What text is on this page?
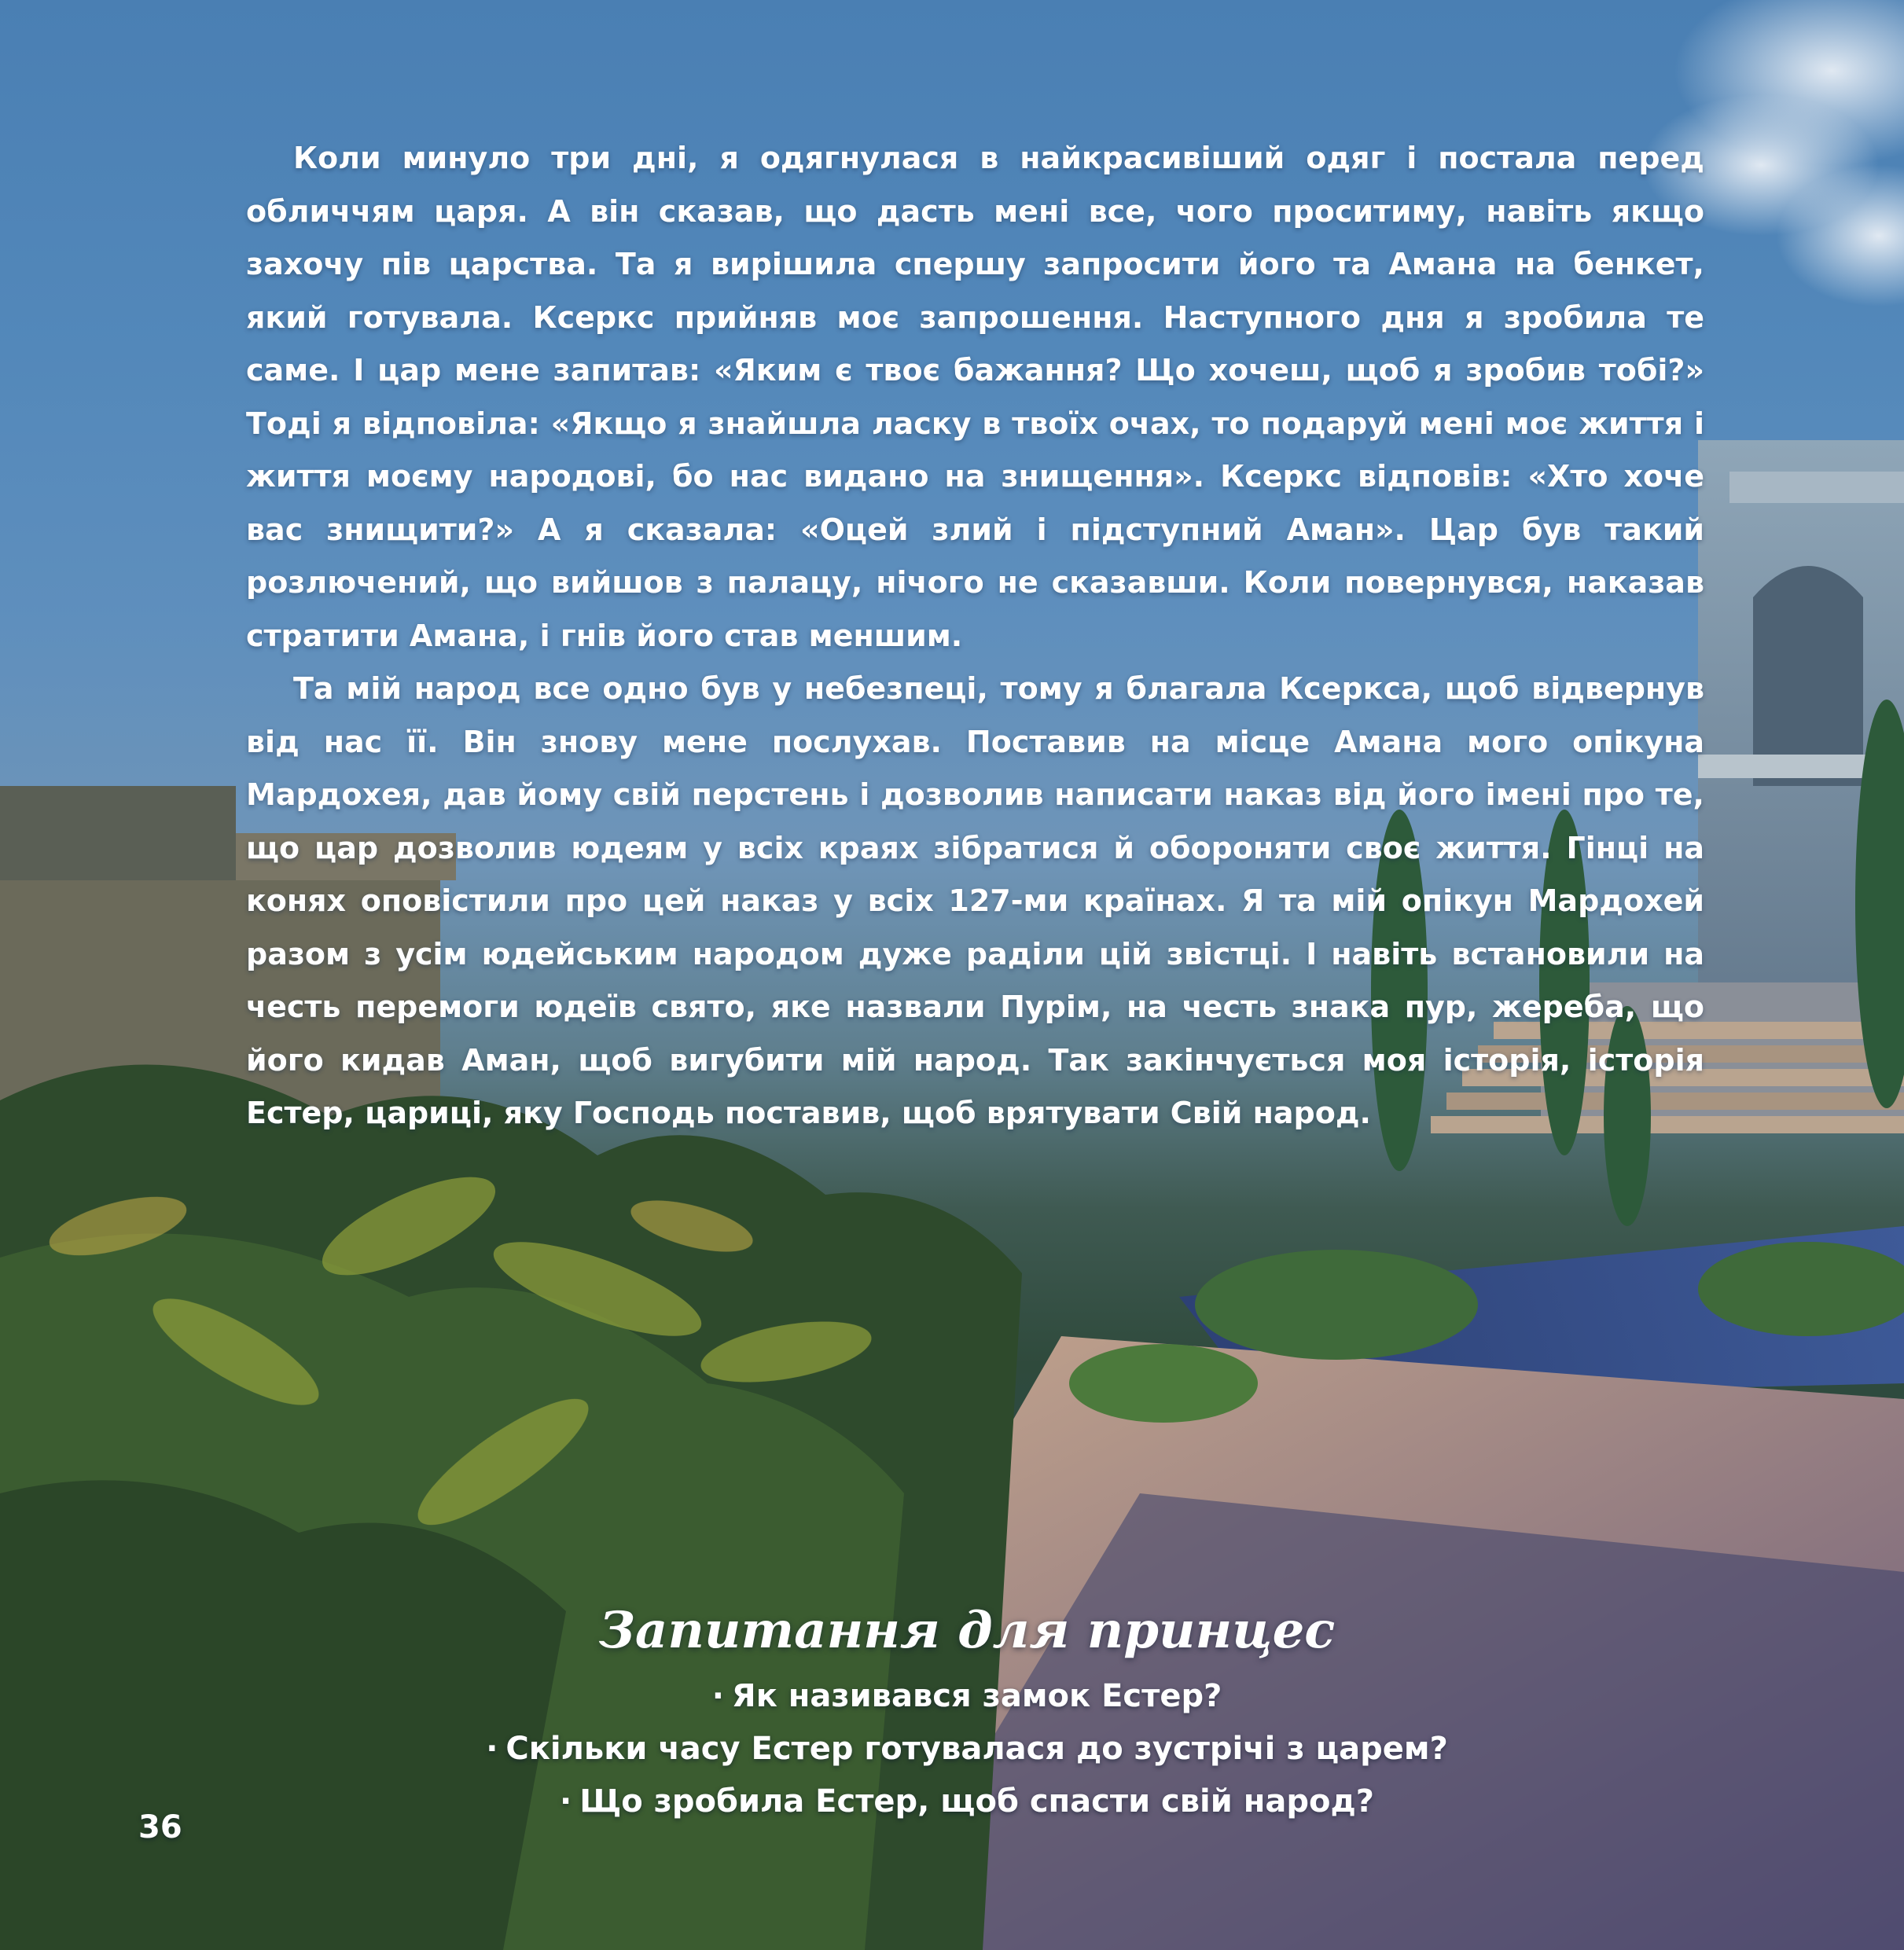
Коли минуло три дні, я одягнулася в найкрасивіший одяг і постала перед обличчям царя. А він сказав, що дасть мені все, чого проситиму, навіть якщо захочу пів царства. Та я вирішила спершу запросити його та Амана на бенкет, який готувала. Ксеркс прийняв моє запрошення. Наступного дня я зробила те саме. І цар мене запитав: «Яким є твоє бажання? Що хочеш, щоб я зробив тобі?» Тоді я відповіла: «Якщо я знайшла ласку в твоїх очах, то подаруй мені моє життя і життя моєму народові, бо нас видано на знищення». Ксеркс відповів: «Хто хоче вас знищити?» А я сказала: «Оцей злий і підступний Аман». Цар був такий розлючений, що вийшов з палацу, нічого не сказавши. Коли повернувся, наказав стратити Амана, і гнів його став меншим.

Та мій народ все одно був у небезпеці, тому я благала Ксеркса, щоб відвернув від нас її. Він знову мене послухав. Поставив на місце Амана мого опікуна Мардохея, дав йому свій перстень і дозволив написати наказ від його імені про те, що цар дозволив юдеям у всіх краях зібратися й обороняти своє життя. Гінці на конях оповістили про цей наказ у всіх 127-ми країнах. Я та мій опікун Мардохей разом з усім юдейським народом дуже раділи цій звістці. І навіть встановили на честь перемоги юдеїв свято, яке назвали Пурім, на честь знака пур, жереба, що його кидав Аман, щоб вигубити мій народ. Так закінчується моя історія, історія Естер, цариці, яку Господь поставив, щоб врятувати Свій народ.

Запитання для принцес
· Як називався замок Естер?
· Скільки часу Естер готувалася до зустрічі з царем?
· Що зробила Естер, щоб спасти свій народ?
36
